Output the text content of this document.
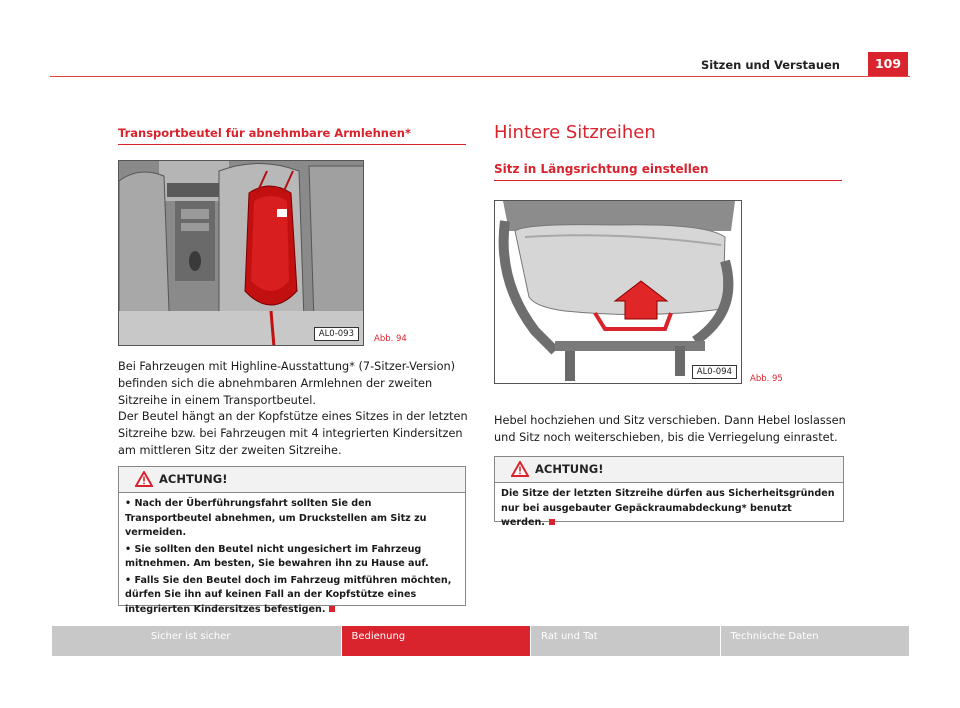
Sitzen und Verstauen	109
Transportbeutel für abnehmbare Armlehnen*
AL0-093	Abb. 94
Bei Fahrzeugen mit Highline-Ausstattung* (7-Sitzer-Version) befinden sich die abnehmbaren Armlehnen der zweiten Sitzreihe in einem Transportbeutel.
Der Beutel hängt an der Kopfstütze eines Sitzes in der letzten Sitzreihe bzw. bei Fahrzeugen mit 4 integrierten Kindersitzen am mittleren Sitz der zweiten Sitzreihe.
ACHTUNG!
• Nach der Überführungsfahrt sollten Sie den Transportbeutel abnehmen, um Druckstellen am Sitz zu vermeiden.
• Sie sollten den Beutel nicht ungesichert im Fahrzeug mitnehmen. Am besten, Sie bewahren ihn zu Hause auf.
• Falls Sie den Beutel doch im Fahrzeug mitführen möchten, dürfen Sie ihn auf keinen Fall an der Kopfstütze eines integrierten Kindersitzes befestigen.
Hintere Sitzreihen
Sitz in Längsrichtung einstellen
AL0-094
Abb. 95
Hebel hochziehen und Sitz verschieben. Dann Hebel loslassen und Sitz noch weiterschieben, bis die Verriegelung einrastet.
ACHTUNG!
Die Sitze der letzten Sitzreihe dürfen aus Sicherheitsgründen nur bei ausgebauter Gepäckraumabdeckung* benutzt werden.
Sicher ist sicher	Bedienung	Rat und Tat	Technische Daten
